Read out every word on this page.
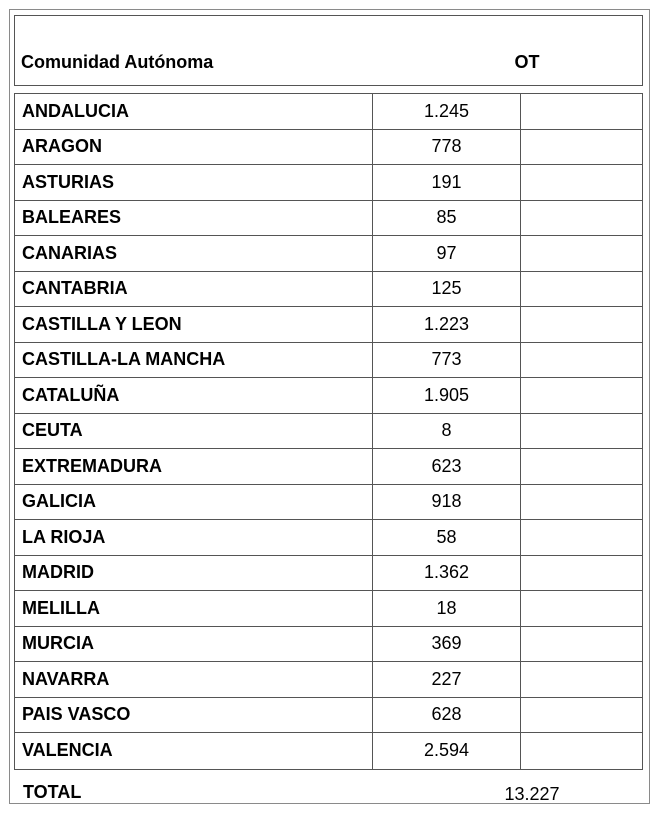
Comunidad Autónoma	OT
ANDALUCIA	1.245
ARAGON	778
ASTURIAS	191
BALEARES	85
CANARIAS	97
CANTABRIA	125
CASTILLA Y LEON	1.223
CASTILLA-LA MANCHA	773
CATALUÑA	1.905
CEUTA	8
EXTREMADURA	623
GALICIA	918
LA RIOJA	58
MADRID	1.362
MELILLA	18
MURCIA	369
NAVARRA	227
PAIS VASCO	628
VALENCIA	2.594
TOTAL	13.227
